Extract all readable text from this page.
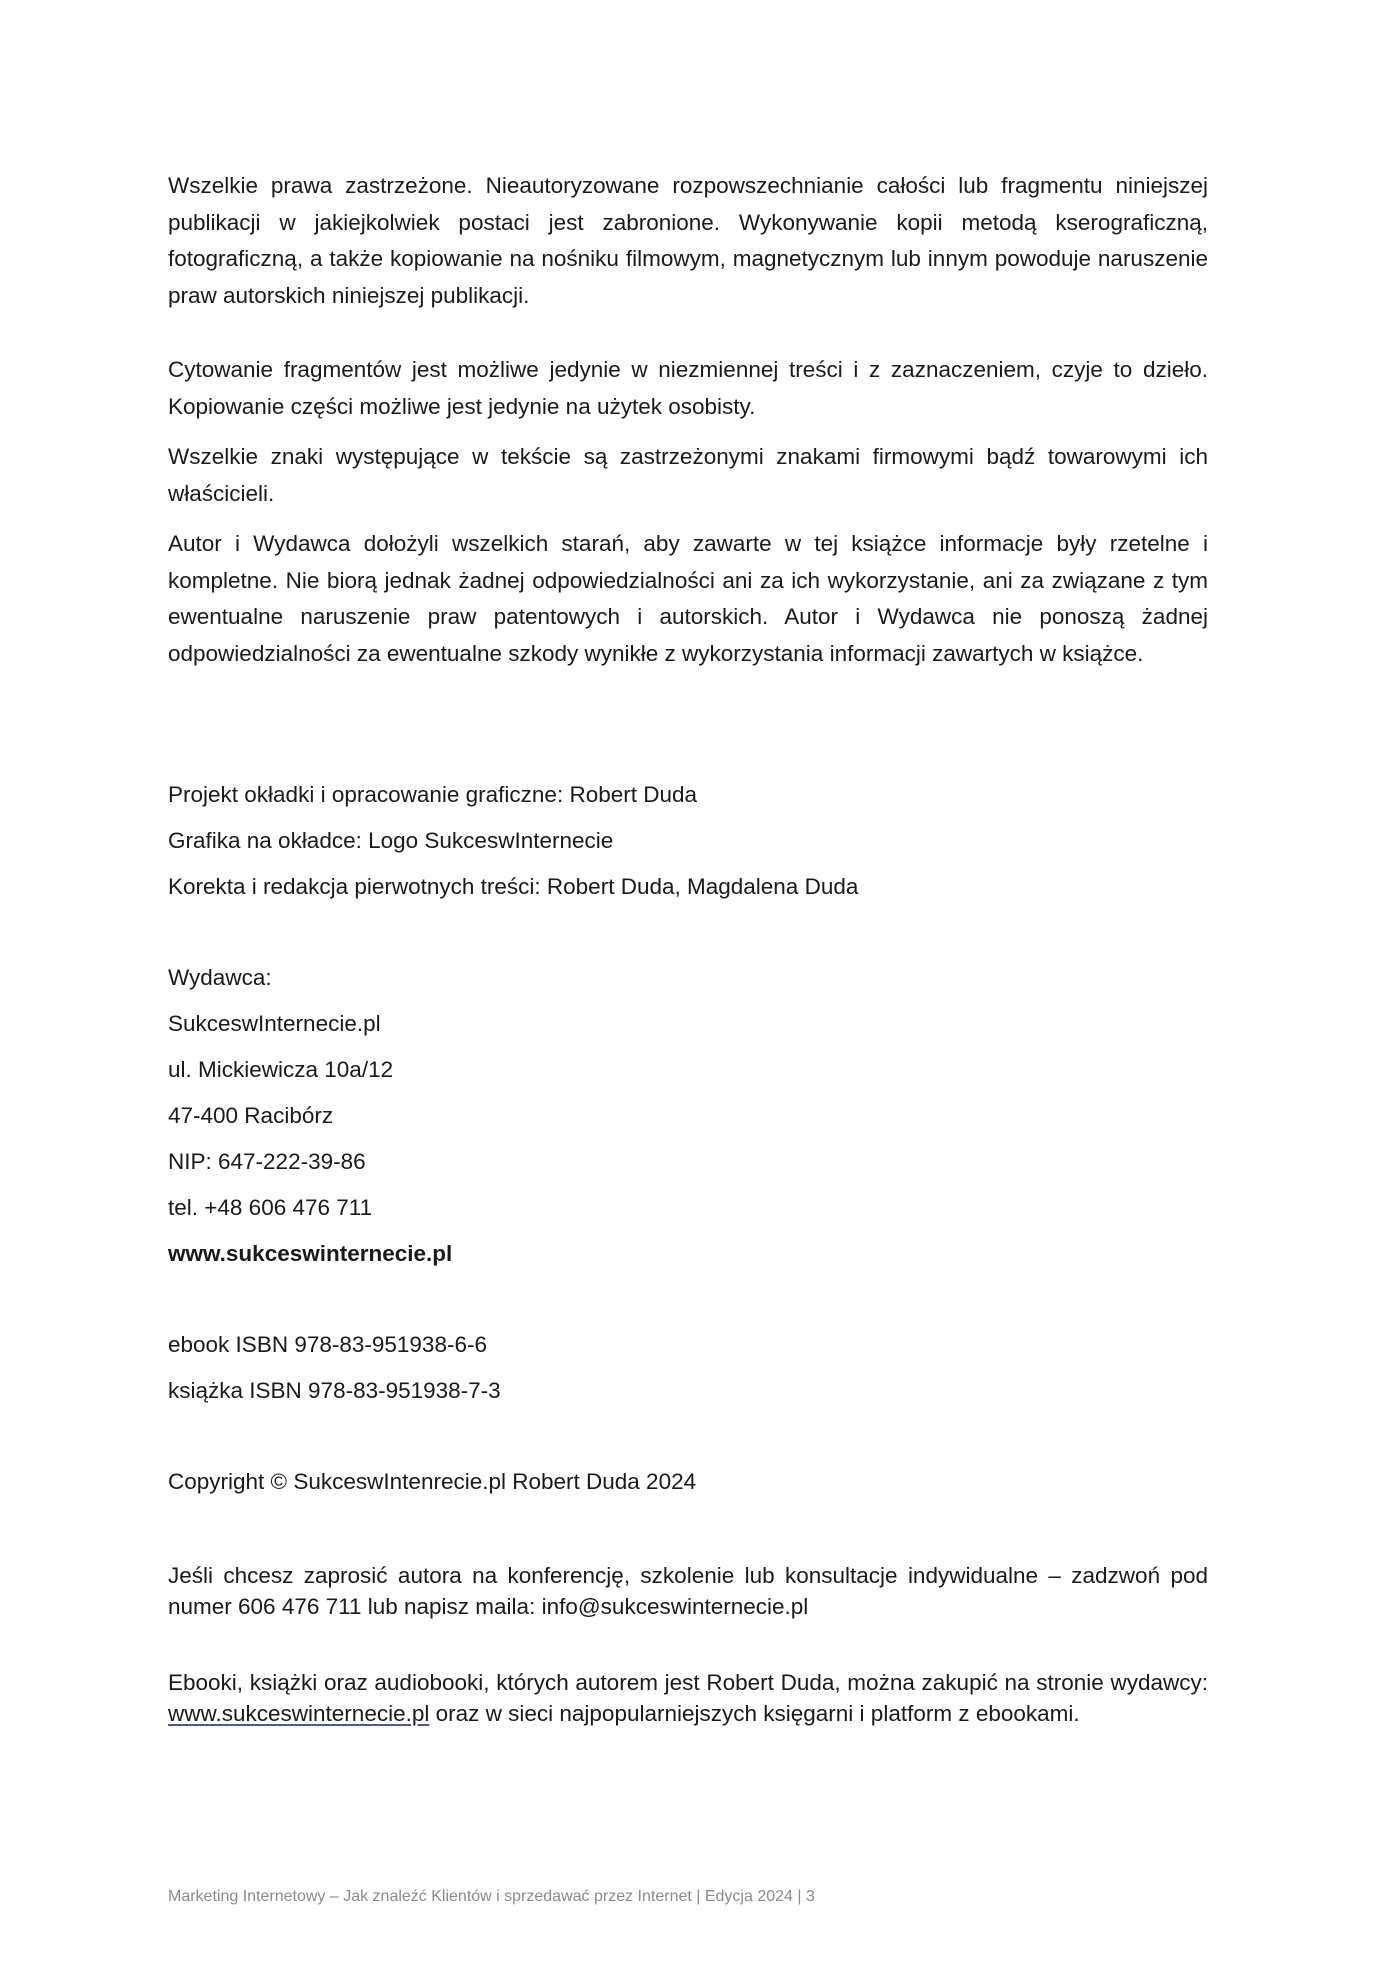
Wszelkie prawa zastrzeżone. Nieautoryzowane rozpowszechnianie całości lub fragmentu niniejszej publikacji w jakiejkolwiek postaci jest zabronione. Wykonywanie kopii metodą kserograficzną, fotograficzną, a także kopiowanie na nośniku filmowym, magnetycznym lub innym powoduje naruszenie praw autorskich niniejszej publikacji.

Cytowanie fragmentów jest możliwe jedynie w niezmiennej treści i z zaznaczeniem, czyje to dzieło. Kopiowanie części możliwe jest jedynie na użytek osobisty.

Wszelkie znaki występujące w tekście są zastrzeżonymi znakami firmowymi bądź towarowymi ich właścicieli.

Autor i Wydawca dołożyli wszelkich starań, aby zawarte w tej książce informacje były rzetelne i kompletne. Nie biorą jednak żadnej odpowiedzialności ani za ich wykorzystanie, ani za związane z tym ewentualne naruszenie praw patentowych i autorskich. Autor i Wydawca nie ponoszą żadnej odpowiedzialności za ewentualne szkody wynikłe z wykorzystania informacji zawartych w książce.

Projekt okładki i opracowanie graficzne: Robert Duda
Grafika na okładce: Logo SukceswInternecie
Korekta i redakcja pierwotnych treści: Robert Duda, Magdalena Duda
Wydawca:
SukceswInternecie.pl
ul. Mickiewicza 10a/12
47-400 Racibórz
NIP: 647-222-39-86
tel. +48 606 476 711
www.sukceswinternecie.pl
ebook ISBN 978-83-951938-6-6
książka ISBN 978-83-951938-7-3
Copyright © SukceswIntenrecie.pl Robert Duda 2024

Jeśli chcesz zaprosić autora na konferencję, szkolenie lub konsultacje indywidualne – zadzwoń pod numer 606 476 711 lub napisz maila: info@sukceswinternecie.pl

Ebooki, książki oraz audiobooki, których autorem jest Robert Duda, można zakupić na stronie wydawcy: www.sukceswinternecie.pl oraz w sieci najpopularniejszych księgarni i platform z ebookami.

Marketing Internetowy – Jak znaleźć Klientów i sprzedawać przez Internet | Edycja 2024 | 3
